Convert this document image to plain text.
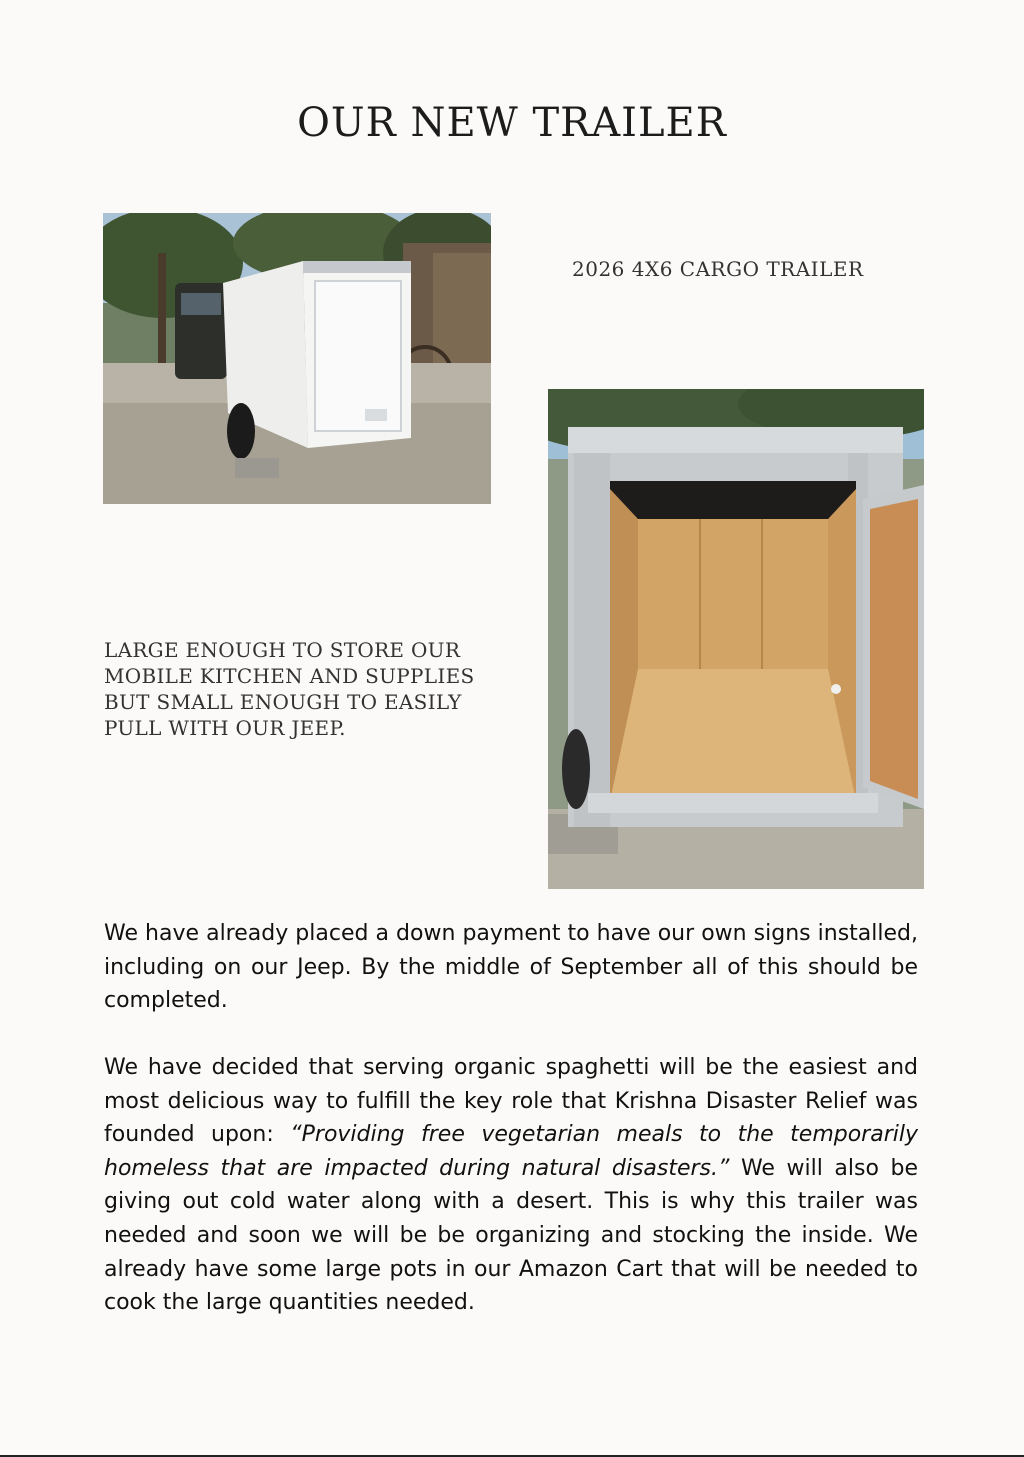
OUR NEW TRAILER

2026 4X6 CARGO TRAILER

LARGE ENOUGH TO STORE OUR MOBILE KITCHEN AND SUPPLIES BUT SMALL ENOUGH TO EASILY PULL WITH OUR JEEP.

We have already placed a down payment to have our own signs installed, including on our Jeep. By the middle of September all of this should be completed.

We have decided that serving organic spaghetti will be the easiest and most delicious way to fulfill the key role that Krishna Disaster Relief was founded upon: “Providing free vegetarian meals to the temporarily homeless that are impacted during natural disasters.” We will also be giving out cold water along with a desert. This is why this trailer was needed and soon we will be be organizing and stocking the inside. We already have some large pots in our Amazon Cart that will be needed to cook the large quantities needed.
